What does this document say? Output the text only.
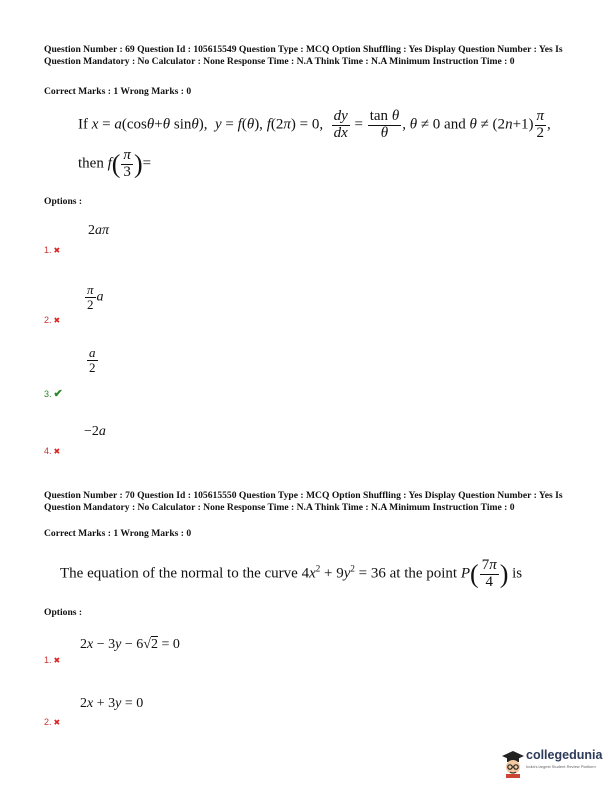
Question Number : 69 Question Id : 105615549 Question Type : MCQ Option Shuffling : Yes Display Question Number : Yes Is Question Mandatory : No Calculator : None Response Time : N.A Think Time : N.A Minimum Instruction Time : 0
Correct Marks : 1 Wrong Marks : 0
If x = a(cosθ+θ sinθ),  y = f(θ), f(2π) = 0, $\frac{dy}{dx} = \frac{\text{tan θ}}{\theta}$ , θ ≠ 0 and $\theta \ne (2n+1) \frac{\pi}{2}$ ,
then $f( \frac{\pi}{3}$ )=
Options :
2aπ
1. ✖
$\frac{\pi}{2}$ a
2. ✖
$\frac{a}{2}$
3. ✔
−2a
4. ✖
Question Number : 70 Question Id : 105615550 Question Type : MCQ Option Shuffling : Yes Display Question Number : Yes Is Question Mandatory : No Calculator : None Response Time : N.A Think Time : N.A Minimum Instruction Time : 0
Correct Marks : 1 Wrong Marks : 0
The equation of the normal to the curve $4x^2 + 9y^2 = 36$ at the point $P( \frac{7\pi}{4}$ ) is
Options :
2x − 3y − 6√2 = 0
1. ✖
2x + 3y = 0
2. ✖
collegedunia
India's largest Student Review Platform
